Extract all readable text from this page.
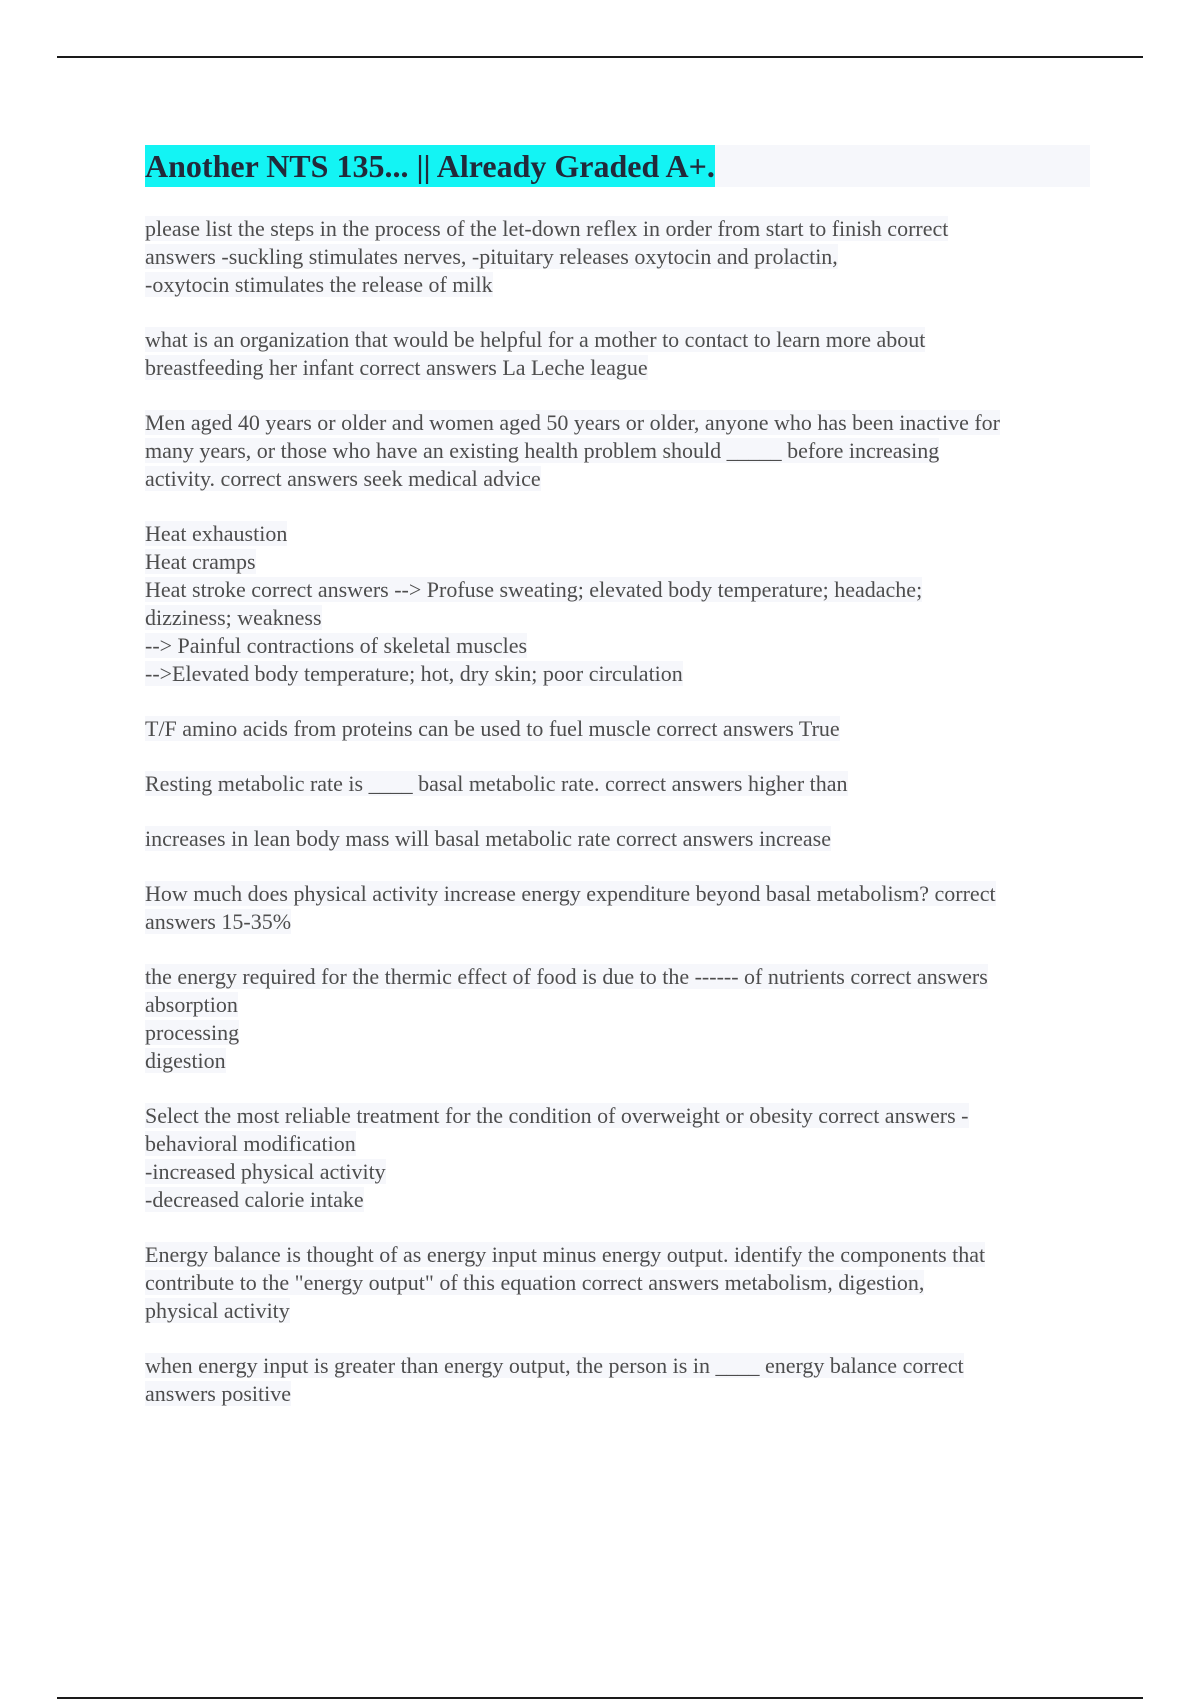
Another NTS 135... || Already Graded A+.
please list the steps in the process of the let-down reflex in order from start to finish correct
answers -suckling stimulates nerves, -pituitary releases oxytocin and prolactin,
-oxytocin stimulates the release of milk
what is an organization that would be helpful for a mother to contact to learn more about
breastfeeding her infant correct answers La Leche league
Men aged 40 years or older and women aged 50 years or older, anyone who has been inactive for
many years, or those who have an existing health problem should _____ before increasing
activity. correct answers seek medical advice
Heat exhaustion
Heat cramps
Heat stroke correct answers --> Profuse sweating; elevated body temperature; headache;
dizziness; weakness
--> Painful contractions of skeletal muscles
-->Elevated body temperature; hot, dry skin; poor circulation
T/F amino acids from proteins can be used to fuel muscle correct answers True
Resting metabolic rate is ____ basal metabolic rate. correct answers higher than
increases in lean body mass will basal metabolic rate correct answers increase
How much does physical activity increase energy expenditure beyond basal metabolism? correct
answers 15-35%
the energy required for the thermic effect of food is due to the ------ of nutrients correct answers
absorption
processing
digestion
Select the most reliable treatment for the condition of overweight or obesity correct answers -
behavioral modification
-increased physical activity
-decreased calorie intake
Energy balance is thought of as energy input minus energy output. identify the components that
contribute to the "energy output" of this equation correct answers metabolism, digestion,
physical activity
when energy input is greater than energy output, the person is in ____ energy balance correct
answers positive
